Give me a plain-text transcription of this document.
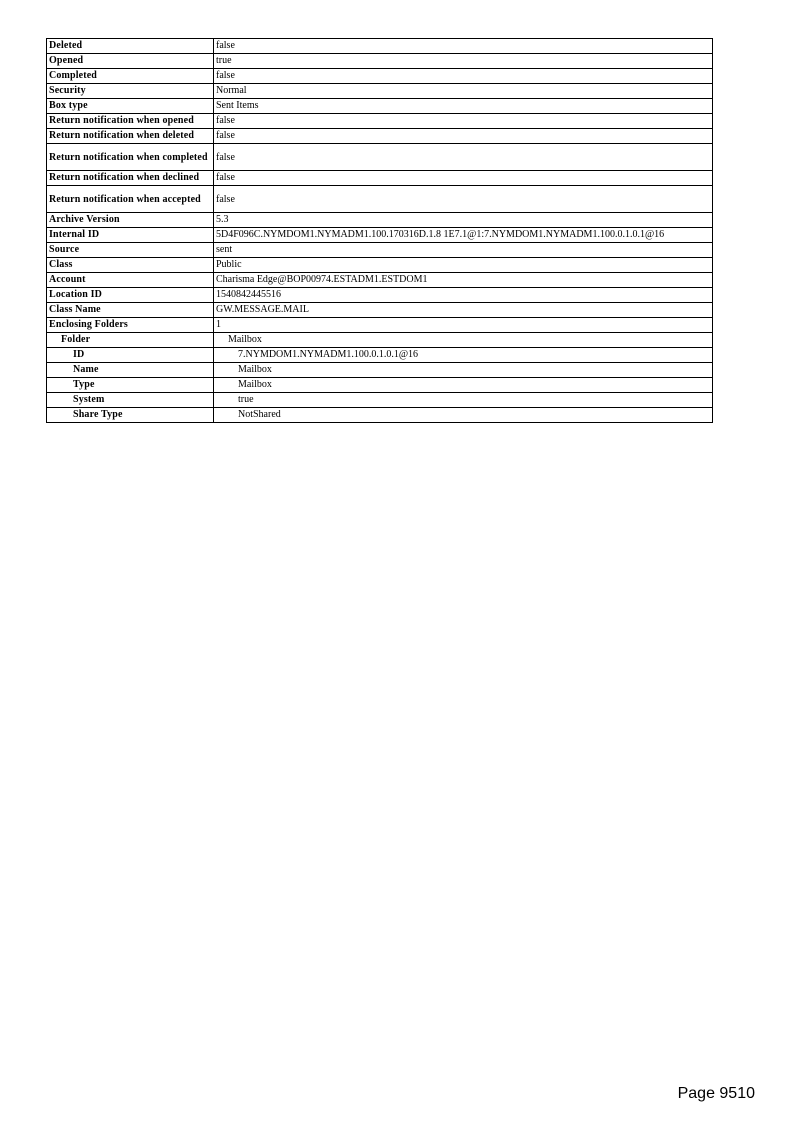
Deleted	false
Opened	true
Completed	false
Security	Normal
Box type	Sent Items
Return notification when opened	false
Return notification when deleted	false
Return notification when completed	false
Return notification when declined	false
Return notification when accepted	false
Archive Version	5.3
Internal ID	5D4F096C.NYMDOM1.NYMADM1.100.170316D.1.8 1E7.1@1:7.NYMDOM1.NYMADM1.100.0.1.0.1@16
Source	sent
Class	Public
Account	Charisma Edge@BOP00974.ESTADM1.ESTDOM1
Location ID	1540842445516
Class Name	GW.MESSAGE.MAIL
Enclosing Folders	1
Folder	Mailbox
ID	7.NYMDOM1.NYMADM1.100.0.1.0.1@16
Name	Mailbox
Type	Mailbox
System	true
Share Type	NotShared
Page 9510
